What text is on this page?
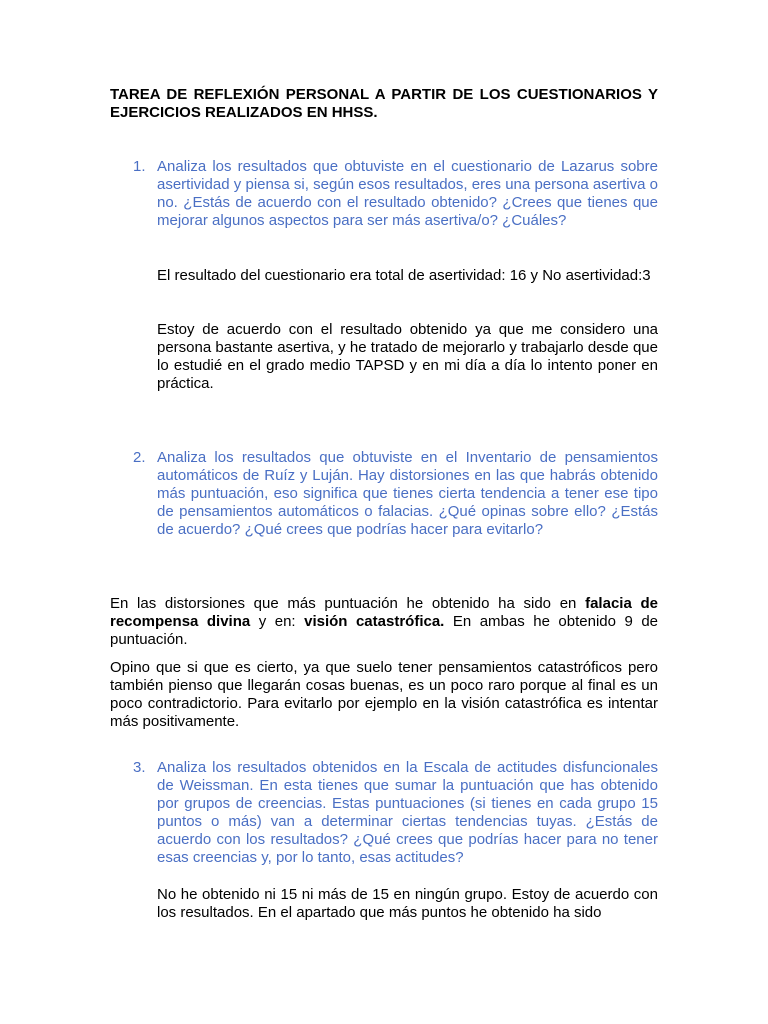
TAREA DE REFLEXIÓN PERSONAL A PARTIR DE LOS CUESTIONARIOS Y EJERCICIOS REALIZADOS EN HHSS.
1. Analiza los resultados que obtuviste en el cuestionario de Lazarus sobre asertividad y piensa si, según esos resultados, eres una persona asertiva o no. ¿Estás de acuerdo con el resultado obtenido? ¿Crees que tienes que mejorar algunos aspectos para ser más asertiva/o? ¿Cuáles?
El resultado del cuestionario era total de asertividad: 16 y No asertividad:3
Estoy de acuerdo con el resultado obtenido ya que me considero una persona bastante asertiva, y he tratado de mejorarlo y trabajarlo desde que lo estudié en el grado medio TAPSD y en mi día a día lo intento poner en práctica.
2. Analiza los resultados que obtuviste en el Inventario de pensamientos automáticos de Ruíz y Luján. Hay distorsiones en las que habrás obtenido más puntuación, eso significa que tienes cierta tendencia a tener ese tipo de pensamientos automáticos o falacias. ¿Qué opinas sobre ello? ¿Estás de acuerdo? ¿Qué crees que podrías hacer para evitarlo?
En las distorsiones que más puntuación he obtenido ha sido en falacia de recompensa divina y en: visión catastrófica. En ambas he obtenido 9 de puntuación.
Opino que si que es cierto, ya que suelo tener pensamientos catastróficos pero también pienso que llegarán cosas buenas, es un poco raro porque al final es un poco contradictorio. Para evitarlo por ejemplo en la visión catastrófica es intentar más positivamente.
3. Analiza los resultados obtenidos en la Escala de actitudes disfuncionales de Weissman. En esta tienes que sumar la puntuación que has obtenido por grupos de creencias. Estas puntuaciones (si tienes en cada grupo 15 puntos o más) van a determinar ciertas tendencias tuyas. ¿Estás de acuerdo con los resultados? ¿Qué crees que podrías hacer para no tener esas creencias y, por lo tanto, esas actitudes?
No he obtenido ni 15 ni más de 15 en ningún grupo. Estoy de acuerdo con los resultados. En el apartado que más puntos he obtenido ha sido
